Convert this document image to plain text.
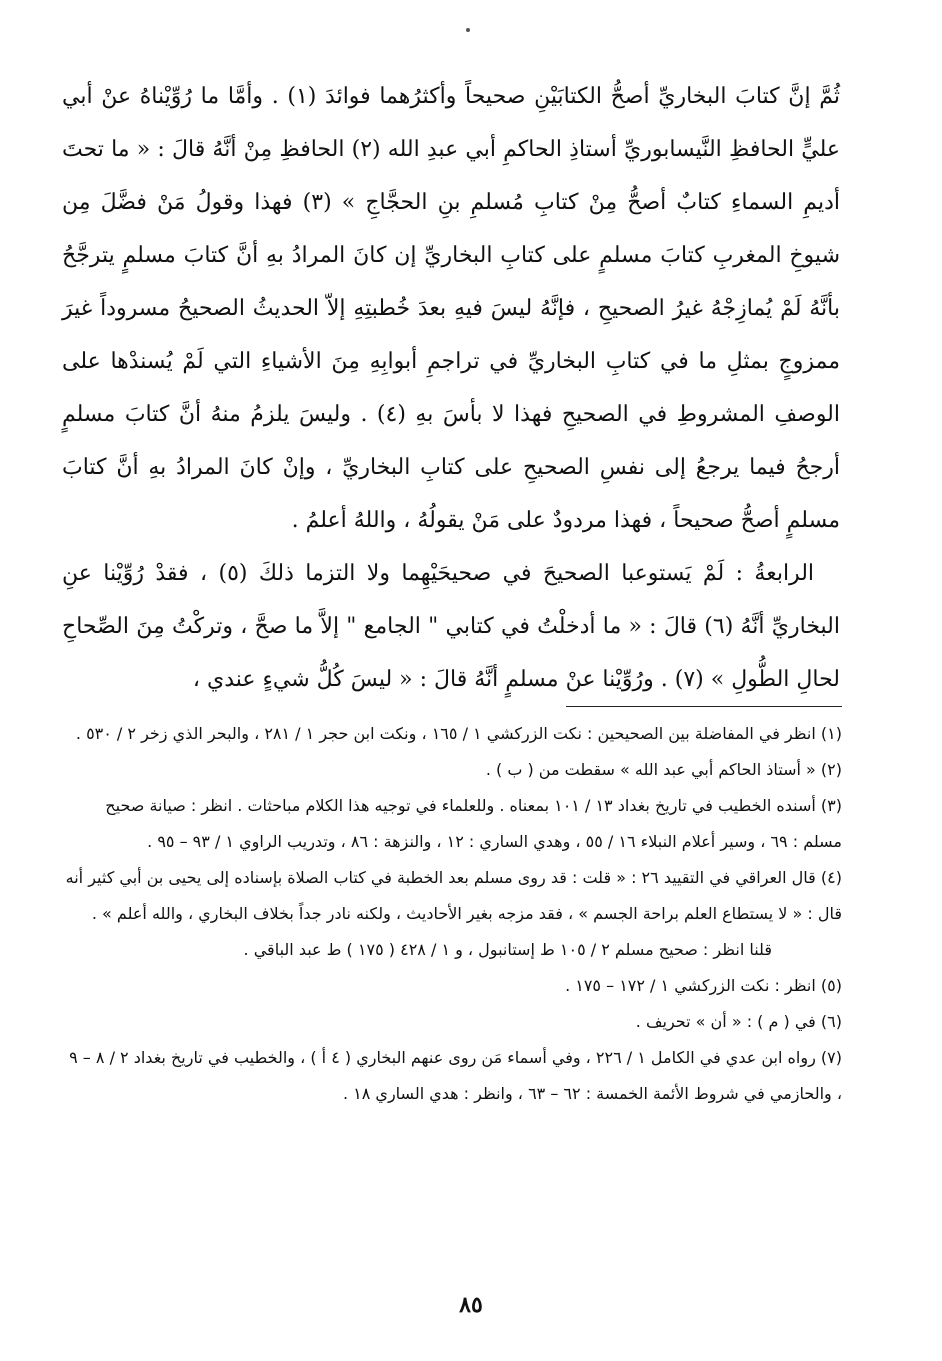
ثُمَّ إنَّ كتابَ البخاريِّ أصحُّ الكتابَيْنِ صحيحاً وأكثرُهما فوائدَ (١) . وأمَّا ما رُوِّيْناهُ عنْ أبي عليٍّ الحافظِ النَّيسابوريِّ أستاذِ الحاكمِ أبي عبدِ الله (٢) الحافظِ مِنْ أنَّهُ قالَ : « ما تحتَ أديمِ السماءِ كتابٌ أصحُّ مِنْ كتابِ مُسلمِ بنِ الحجَّاجِ » (٣) فهذا وقولُ مَنْ فضَّلَ مِن شيوخِ المغربِ كتابَ مسلمٍ على كتابِ البخاريِّ إن كانَ المرادُ بهِ أنَّ كتابَ مسلمٍ يترجَّحُ بأنَّهُ لَمْ يُمازِجْهُ غيرُ الصحيحِ ، فإنَّهُ ليسَ فيهِ بعدَ خُطبتِهِ إلاّ الحديثُ الصحيحُ مسروداً غيرَ ممزوجٍ بمثلِ ما في كتابِ البخاريِّ في تراجمِ أبوابِهِ مِنَ الأشياءِ التي لَمْ يُسندْها على الوصفِ المشروطِ في الصحيحِ فهذا لا بأسَ بهِ (٤) . وليسَ يلزمُ منهُ أنَّ كتابَ مسلمٍ أرجحُ فيما يرجعُ إلى نفسِ الصحيحِ على كتابِ البخاريِّ ، وإنْ كانَ المرادُ بهِ أنَّ كتابَ مسلمٍ أصحُّ صحيحاً ، فهذا مردودٌ على مَنْ يقولُهُ ، واللهُ أعلمُ .

الرابعةُ : لَمْ يَستوعبا الصحيحَ في صحيحَيْهِما ولا التزما ذلكَ (٥) ، فقدْ رُوِّيْنا عنِ البخاريِّ أنَّهُ (٦) قالَ : « ما أدخلْتُ في كتابي " الجامع " إلاَّ ما صحَّ ، وتركْتُ مِنَ الصِّحاحِ لحالِ الطُّولِ » (٧) . ورُوِّيْنا عنْ مسلمٍ أنَّهُ قالَ : « ليسَ كُلُّ شيءٍ عندي ،

(١) انظر في المفاضلة بين الصحيحين : نكت الزركشي ١ / ١٦٥ ، ونكت ابن حجر ١ / ٢٨١ ، والبحر الذي زخر ٢ / ٥٣٠ .

(٢) « أستاذ الحاكم أبي عبد الله » سقطت من ( ب ) .

(٣) أسنده الخطيب في تاريخ بغداد ١٣ / ١٠١ بمعناه . وللعلماء في توجيه هذا الكلام مباحثات . انظر : صيانة صحيح مسلم : ٦٩ ، وسير أعلام النبلاء ١٦ / ٥٥ ، وهدي الساري : ١٢ ، والنزهة : ٨٦ ، وتدريب الراوي ١ / ٩٣ – ٩٥ .

(٤) قال العراقي في التقييد ٢٦ : « قلت : قد روى مسلم بعد الخطبة في كتاب الصلاة بإسناده إلى يحيى بن أبي كثير أنه قال : « لا يستطاع العلم براحة الجسم » ، فقد مزجه بغير الأحاديث ، ولكنه نادر جداً بخلاف البخاري ، والله أعلم » .

قلنا انظر : صحيح مسلم ٢ / ١٠٥ ط إستانبول ، و ١ / ٤٢٨ ( ١٧٥ ) ط عبد الباقي .

(٥) انظر : نكت الزركشي ١ / ١٧٢ – ١٧٥ .

(٦) في ( م ) : « أن » تحريف .

(٧) رواه ابن عدي في الكامل ١ / ٢٢٦ ، وفي أسماء مَن روى عنهم البخاري ( ٤ أ ) ، والخطيب في تاريخ بغداد ٢ / ٨ – ٩ ، والحازمي في شروط الأئمة الخمسة : ٦٢ – ٦٣ ، وانظر : هدي الساري ١٨ .

٨٥
